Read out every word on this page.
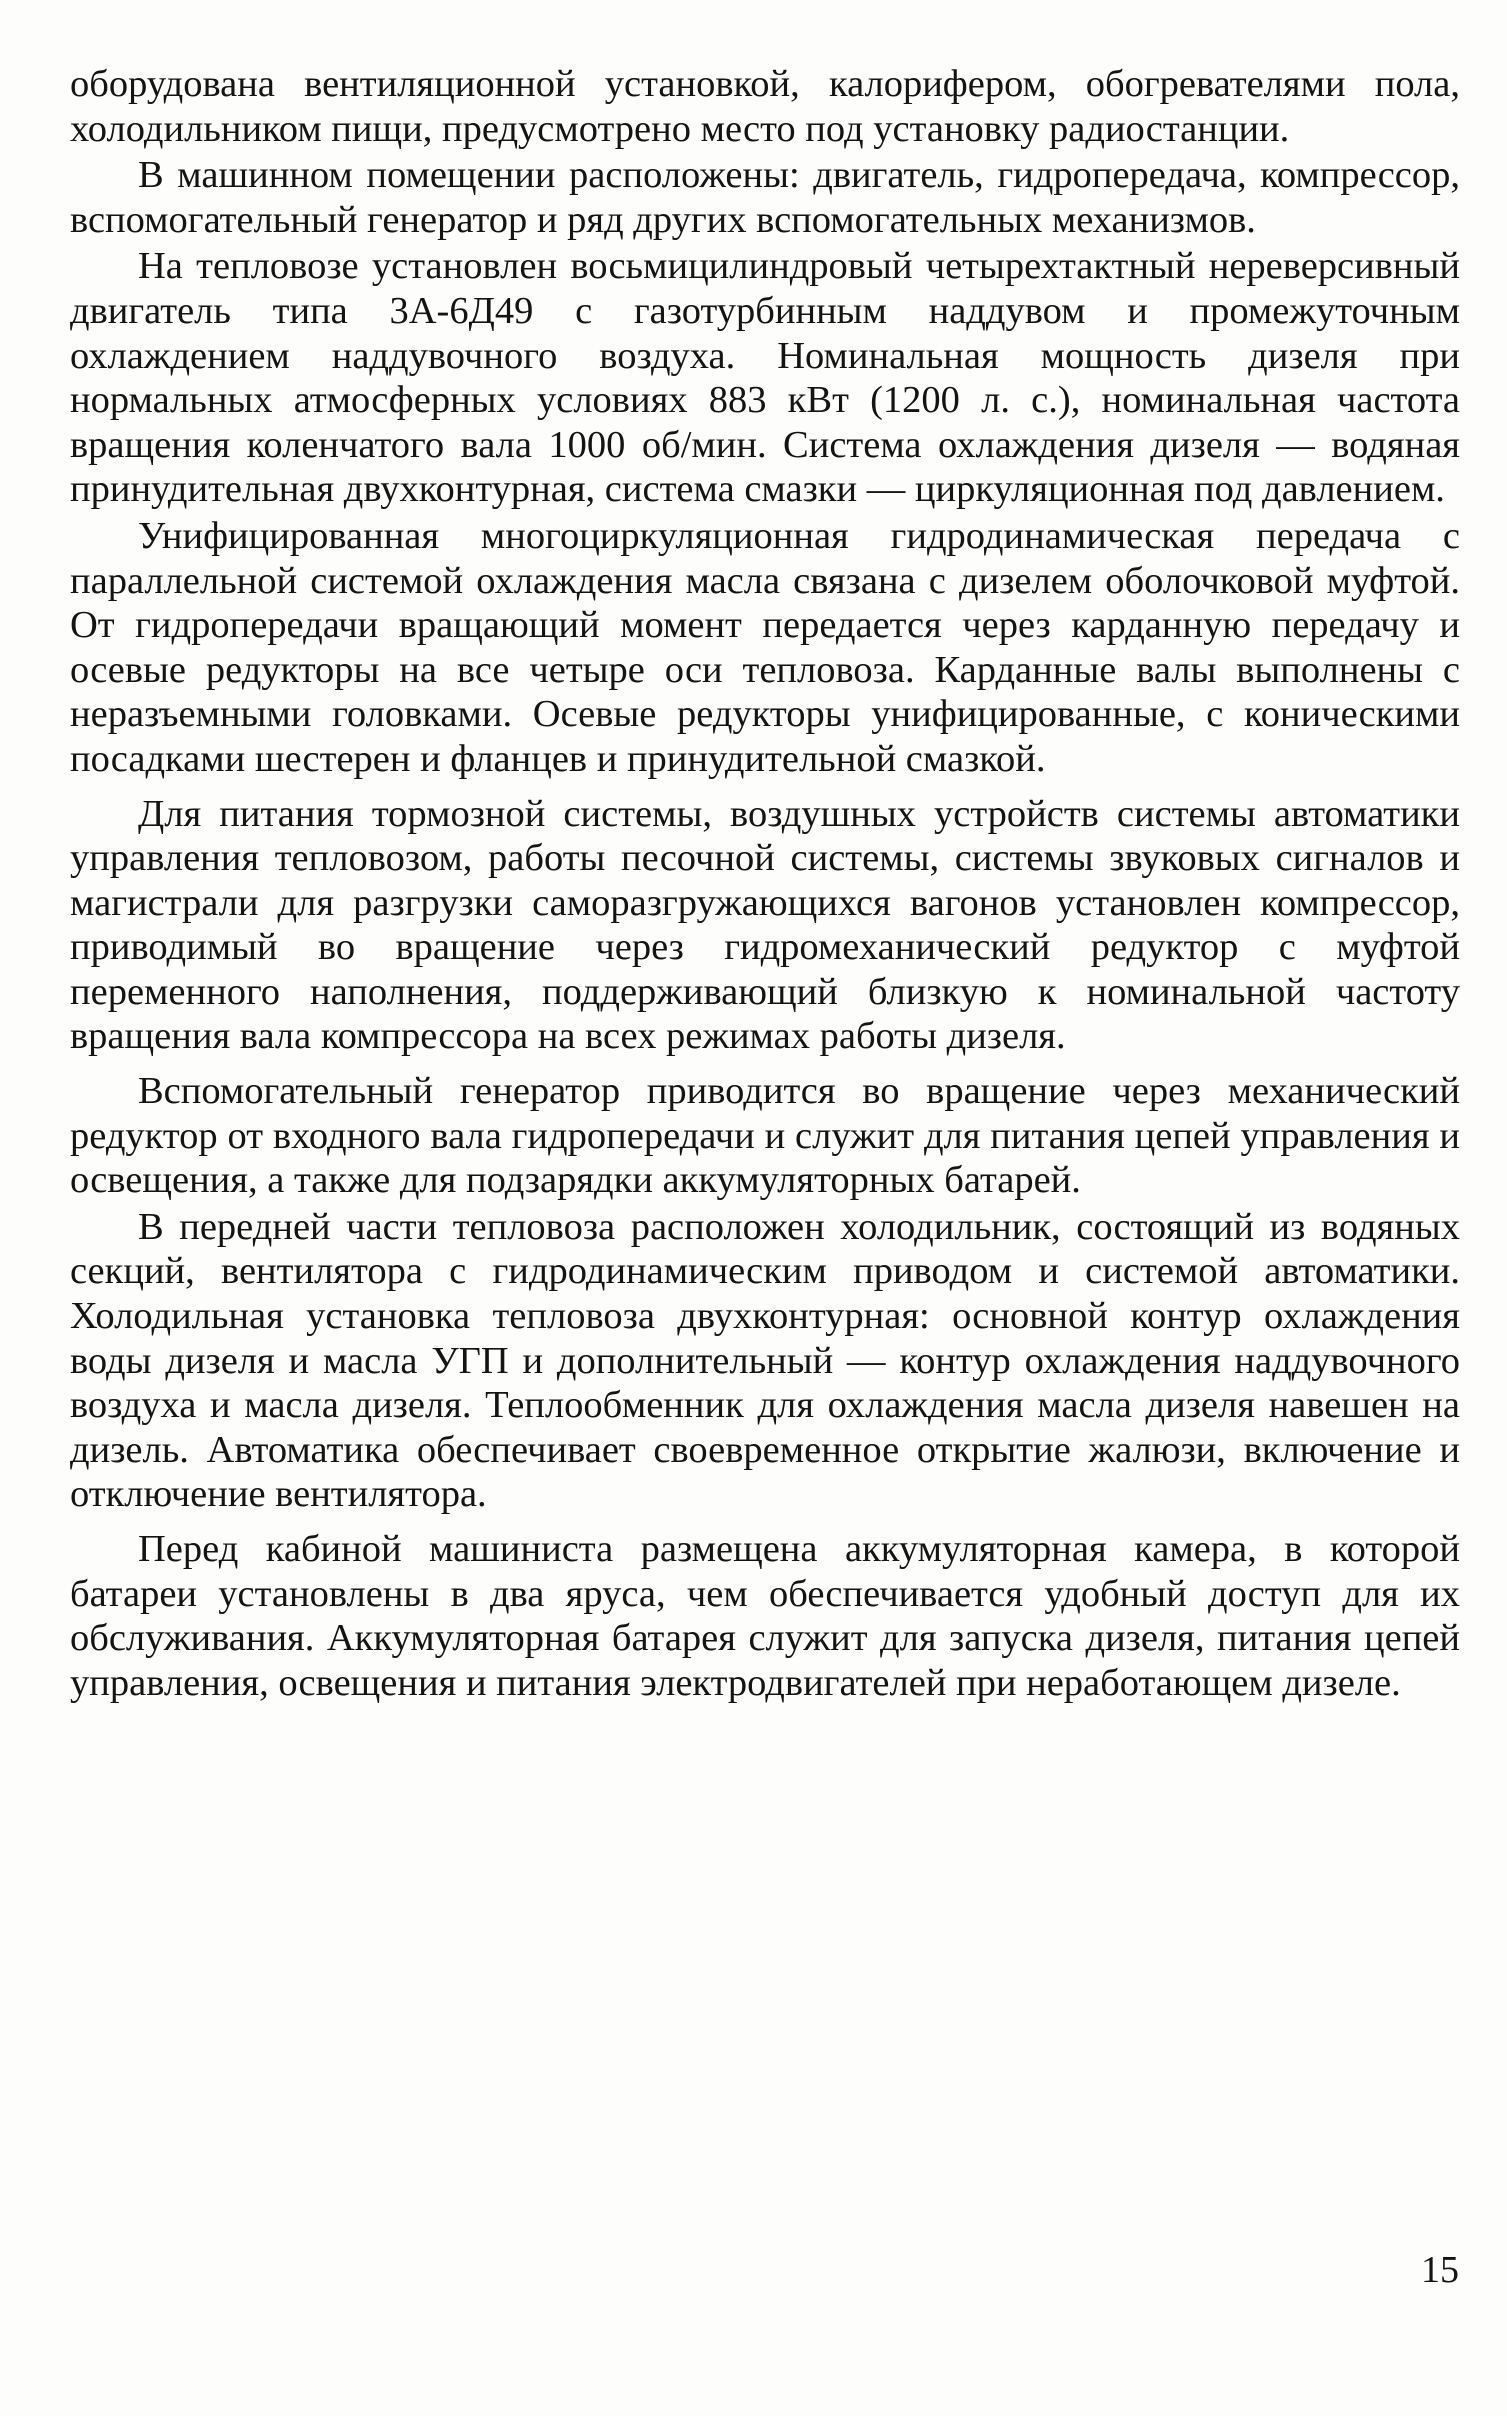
оборудована вентиляционной установкой, калорифером, обогревателями пола, холодильником пищи, предусмотрено место под установку радиостанции.

В машинном помещении расположены: двигатель, гидропередача, компрессор, вспомогательный генератор и ряд других вспомогательных механизмов.

На тепловозе установлен восьмицилиндровый четырехтактный нереверсивный двигатель типа 3А-6Д49 с газотурбинным наддувом и промежуточным охлаждением наддувочного воздуха. Номинальная мощность дизеля при нормальных атмосферных условиях 883 кВт (1200 л. с.), номинальная частота вращения коленчатого вала 1000 об/мин. Система охлаждения дизеля — водяная принудительная двухконтурная, система смазки — циркуляционная под давлением.

Унифицированная многоциркуляционная гидродинамическая передача с параллельной системой охлаждения масла связана с дизелем оболочковой муфтой. От гидропередачи вращающий момент передается через карданную передачу и осевые редукторы на все четыре оси тепловоза. Карданные валы выполнены с неразъемными головками. Осевые редукторы унифицированные, с коническими посадками шестерен и фланцев и принудительной смазкой.

Для питания тормозной системы, воздушных устройств системы автоматики управления тепловозом, работы песочной системы, системы звуковых сигналов и магистрали для разгрузки саморазгружающихся вагонов установлен компрессор, приводимый во вращение через гидромеханический редуктор с муфтой переменного наполнения, поддерживающий близкую к номинальной частоту вращения вала компрессора на всех режимах работы дизеля.

Вспомогательный генератор приводится во вращение через механический редуктор от входного вала гидропередачи и служит для питания цепей управления и освещения, а также для подзарядки аккумуляторных батарей.

В передней части тепловоза расположен холодильник, состоящий из водяных секций, вентилятора с гидродинамическим приводом и системой автоматики. Холодильная установка тепловоза двухконтурная: основной контур охлаждения воды дизеля и масла УГП и дополнительный — контур охлаждения наддувочного воздуха и масла дизеля. Теплообменник для охлаждения масла дизеля навешен на дизель. Автоматика обеспечивает своевременное открытие жалюзи, включение и отключение вентилятора.

Перед кабиной машиниста размещена аккумуляторная камера, в которой батареи установлены в два яруса, чем обеспечивается удобный доступ для их обслуживания. Аккумуляторная батарея служит для запуска дизеля, питания цепей управления, освещения и питания электродвигателей при неработающем дизеле.

15
